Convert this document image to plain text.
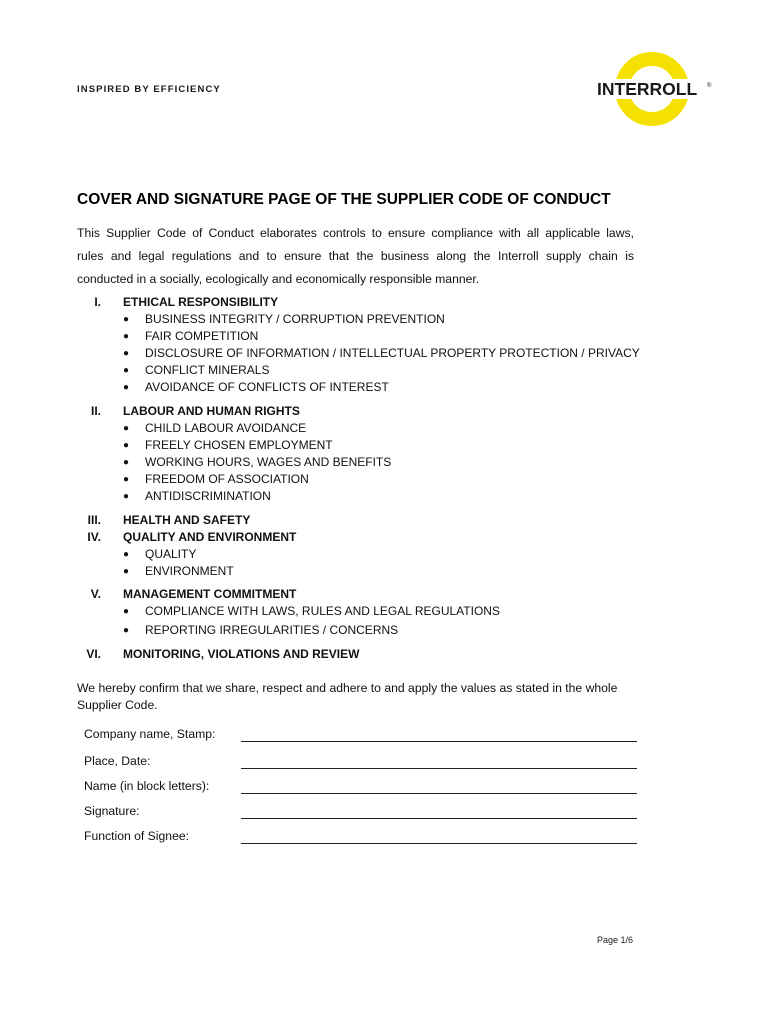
INSPIRED BY EFFICIENCY	INTERROLL ®
COVER AND SIGNATURE PAGE OF THE SUPPLIER CODE OF CONDUCT
This Supplier Code of Conduct elaborates controls to ensure compliance with all applicable laws,
rules and legal regulations and to ensure that the business along the Interroll supply chain is
conducted in a socially, ecologically and economically responsible manner.
I. ETHICAL RESPONSIBILITY
● BUSINESS INTEGRITY / CORRUPTION PREVENTION
● FAIR COMPETITION
● DISCLOSURE OF INFORMATION / INTELLECTUAL PROPERTY PROTECTION / PRIVACY
● CONFLICT MINERALS
● AVOIDANCE OF CONFLICTS OF INTEREST
II. LABOUR AND HUMAN RIGHTS
● CHILD LABOUR AVOIDANCE
● FREELY CHOSEN EMPLOYMENT
● WORKING HOURS, WAGES AND BENEFITS
● FREEDOM OF ASSOCIATION
● ANTIDISCRIMINATION
III. HEALTH AND SAFETY
IV. QUALITY AND ENVIRONMENT
● QUALITY
● ENVIRONMENT
V. MANAGEMENT COMMITMENT
● COMPLIANCE WITH LAWS, RULES AND LEGAL REGULATIONS
● REPORTING IRREGULARITIES / CONCERNS
VI. MONITORING, VIOLATIONS AND REVIEW
We hereby confirm that we share, respect and adhere to and apply the values as stated in the whole Supplier Code.
Company name, Stamp:
Place, Date:
Name (in block letters):
Signature:
Function of Signee:
Page 1/6
